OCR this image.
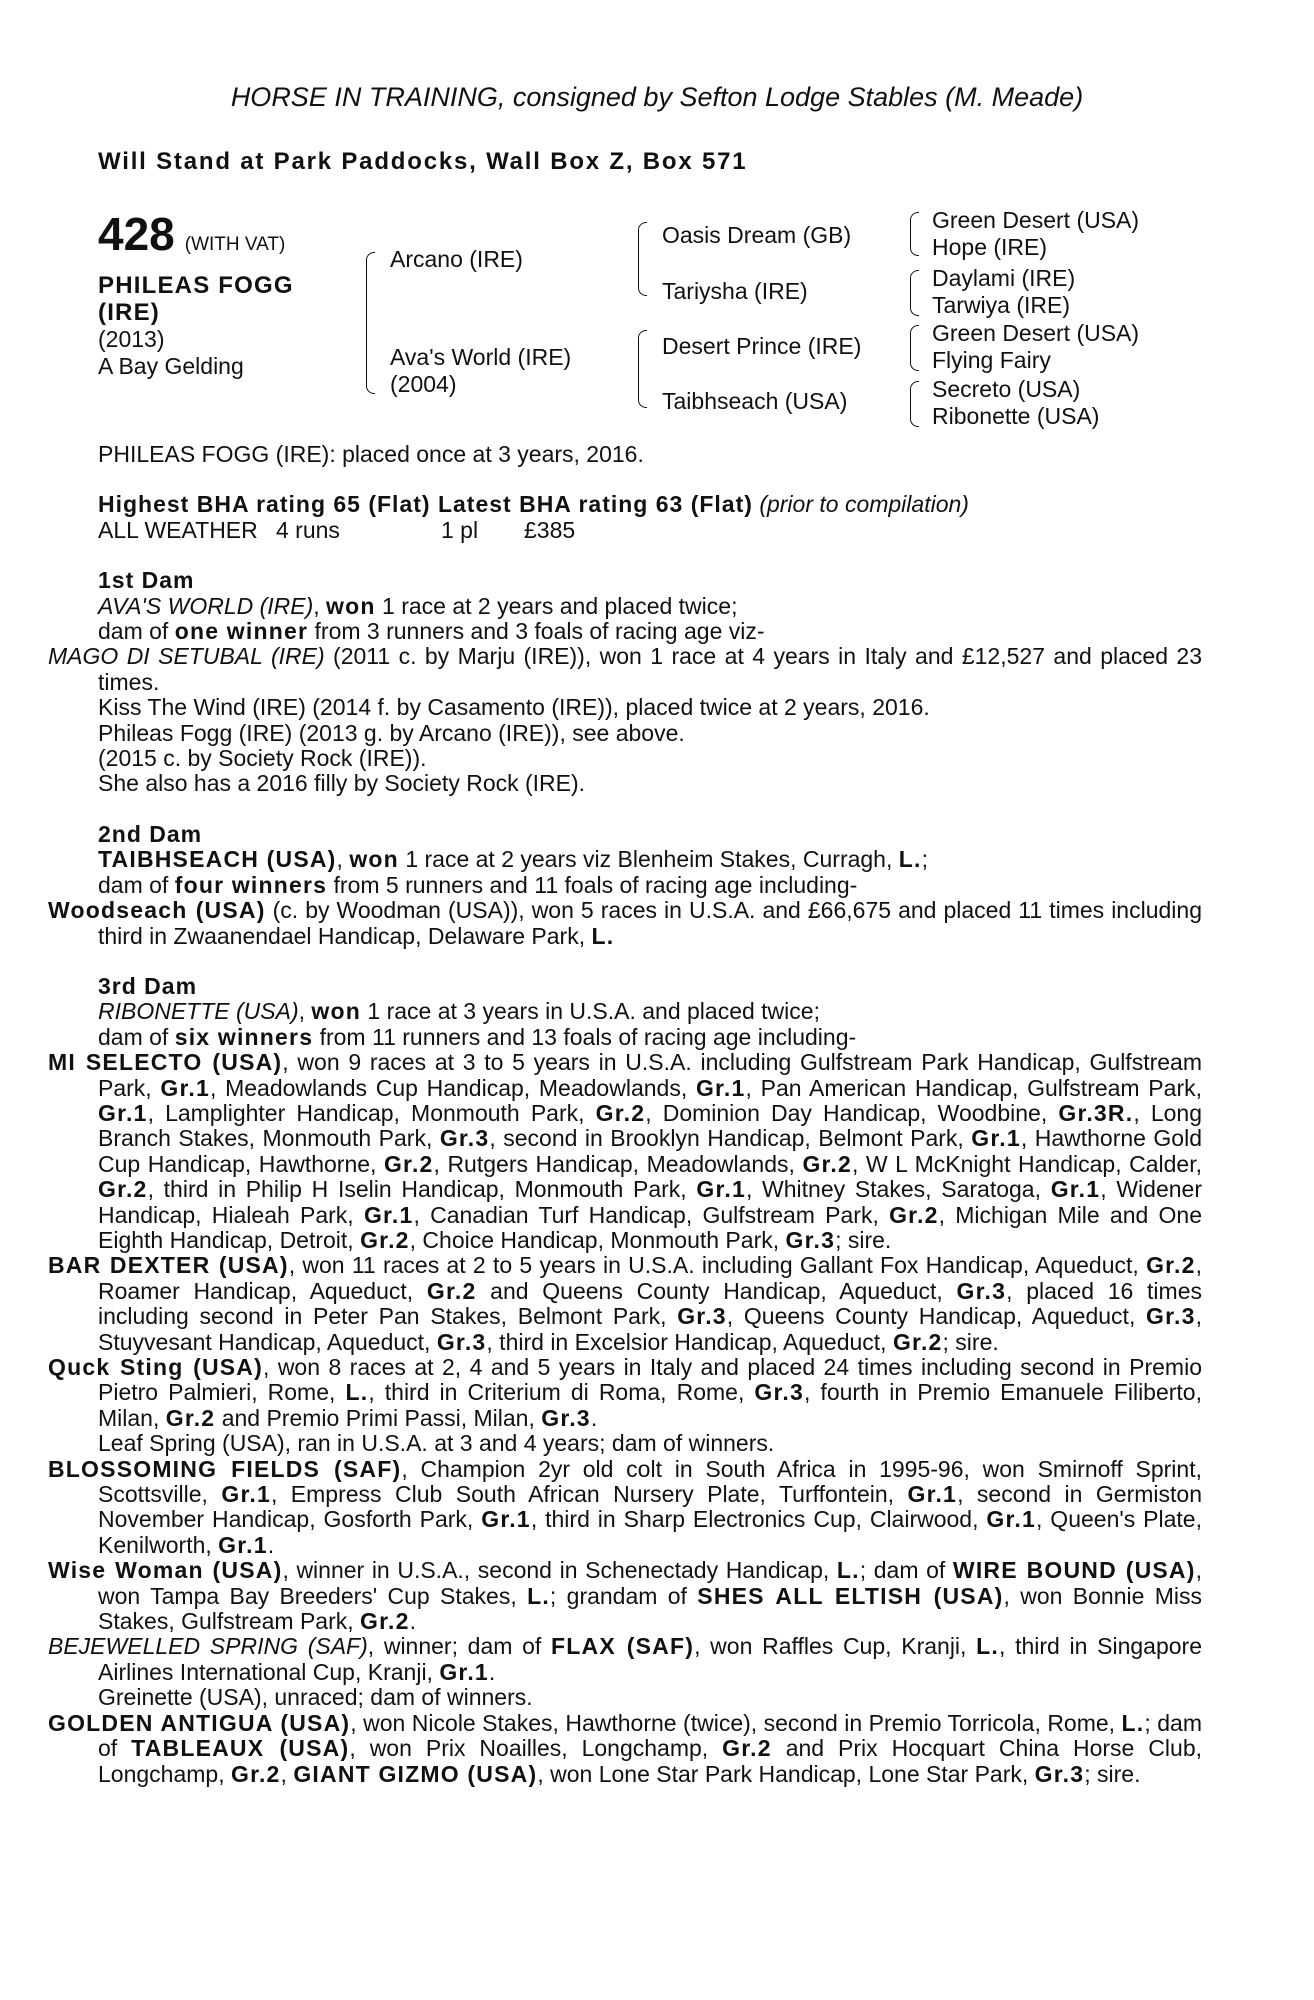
HORSE IN TRAINING, consigned by Sefton Lodge Stables (M. Meade)
Will Stand at Park Paddocks, Wall Box Z, Box 571
428 (WITH VAT)
PHILEAS FOGG
(IRE)
(2013)
A Bay Gelding
Arcano (IRE)
Ava's World (IRE)
(2004)
Oasis Dream (GB)
Tariysha (IRE)
Desert Prince (IRE)
Taibhseach (USA)
Green Desert (USA)
Hope (IRE)
Daylami (IRE)
Tarwiya (IRE)
Green Desert (USA)
Flying Fairy
Secreto (USA)
Ribonette (USA)

PHILEAS FOGG (IRE): placed once at 3 years, 2016.

Highest BHA rating 65 (Flat) Latest BHA rating 63 (Flat) (prior to compilation)

ALL WEATHER 4 runs	1 pl £385

1st Dam

AVA'S WORLD (IRE), won 1 race at 2 years and placed twice;

dam of one winner from 3 runners and 3 foals of racing age viz-

MAGO DI SETUBAL (IRE) (2011 c. by Marju (IRE)), won 1 race at 4 years in Italy and £12,527 and placed 23 times.

Kiss The Wind (IRE) (2014 f. by Casamento (IRE)), placed twice at 2 years, 2016.

Phileas Fogg (IRE) (2013 g. by Arcano (IRE)), see above.

(2015 c. by Society Rock (IRE)).

She also has a 2016 filly by Society Rock (IRE).

2nd Dam

TAIBHSEACH (USA), won 1 race at 2 years viz Blenheim Stakes, Curragh, L.;

dam of four winners from 5 runners and 11 foals of racing age including-

Woodseach (USA) (c. by Woodman (USA)), won 5 races in U.S.A. and £66,675 and placed 11 times including third in Zwaanendael Handicap, Delaware Park, L.

3rd Dam

RIBONETTE (USA), won 1 race at 3 years in U.S.A. and placed twice;

dam of six winners from 11 runners and 13 foals of racing age including-

MI SELECTO (USA), won 9 races at 3 to 5 years in U.S.A. including Gulfstream Park Handicap, Gulfstream Park, Gr.1, Meadowlands Cup Handicap, Meadowlands, Gr.1, Pan American Handicap, Gulfstream Park, Gr.1, Lamplighter Handicap, Monmouth Park, Gr.2, Dominion Day Handicap, Woodbine, Gr.3R., Long Branch Stakes, Monmouth Park, Gr.3, second in Brooklyn Handicap, Belmont Park, Gr.1, Hawthorne Gold Cup Handicap, Hawthorne, Gr.2, Rutgers Handicap, Meadowlands, Gr.2, W L McKnight Handicap, Calder, Gr.2, third in Philip H Iselin Handicap, Monmouth Park, Gr.1, Whitney Stakes, Saratoga, Gr.1, Widener Handicap, Hialeah Park, Gr.1, Canadian Turf Handicap, Gulfstream Park, Gr.2, Michigan Mile and One Eighth Handicap, Detroit, Gr.2, Choice Handicap, Monmouth Park, Gr.3; sire.

BAR DEXTER (USA), won 11 races at 2 to 5 years in U.S.A. including Gallant Fox Handicap, Aqueduct, Gr.2, Roamer Handicap, Aqueduct, Gr.2 and Queens County Handicap, Aqueduct, Gr.3, placed 16 times including second in Peter Pan Stakes, Belmont Park, Gr.3, Queens County Handicap, Aqueduct, Gr.3, Stuyvesant Handicap, Aqueduct, Gr.3, third in Excelsior Handicap, Aqueduct, Gr.2; sire.

Quck Sting (USA), won 8 races at 2, 4 and 5 years in Italy and placed 24 times including second in Premio Pietro Palmieri, Rome, L., third in Criterium di Roma, Rome, Gr.3, fourth in Premio Emanuele Filiberto, Milan, Gr.2 and Premio Primi Passi, Milan, Gr.3.

Leaf Spring (USA), ran in U.S.A. at 3 and 4 years; dam of winners.

BLOSSOMING FIELDS (SAF), Champion 2yr old colt in South Africa in 1995-96, won Smirnoff Sprint, Scottsville, Gr.1, Empress Club South African Nursery Plate, Turffontein, Gr.1, second in Germiston November Handicap, Gosforth Park, Gr.1, third in Sharp Electronics Cup, Clairwood, Gr.1, Queen's Plate, Kenilworth, Gr.1.

Wise Woman (USA), winner in U.S.A., second in Schenectady Handicap, L.; dam of WIRE BOUND (USA), won Tampa Bay Breeders' Cup Stakes, L.; grandam of SHES ALL ELTISH (USA), won Bonnie Miss Stakes, Gulfstream Park, Gr.2.

BEJEWELLED SPRING (SAF), winner; dam of FLAX (SAF), won Raffles Cup, Kranji, L., third in Singapore Airlines International Cup, Kranji, Gr.1.

Greinette (USA), unraced; dam of winners.

GOLDEN ANTIGUA (USA), won Nicole Stakes, Hawthorne (twice), second in Premio Torricola, Rome, L.; dam of TABLEAUX (USA), won Prix Noailles, Longchamp, Gr.2 and Prix Hocquart China Horse Club, Longchamp, Gr.2, GIANT GIZMO (USA), won Lone Star Park Handicap, Lone Star Park, Gr.3; sire.
